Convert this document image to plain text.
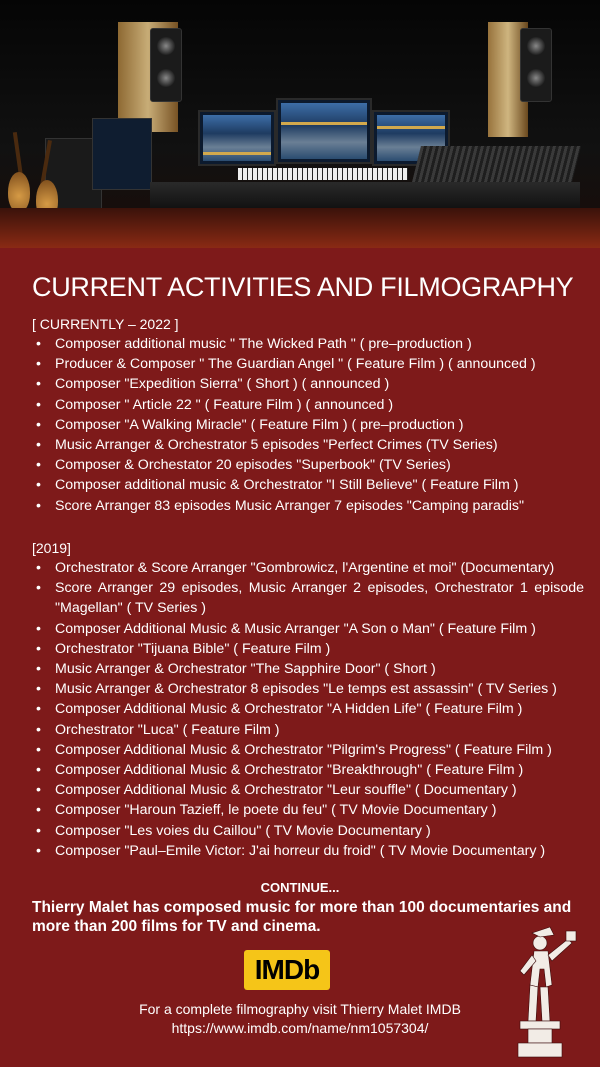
CURRENT ACTIVITIES AND FILMOGRAPHY

[ CURRENTLY – 2022 ]

• Composer additional music " The Wicked Path " ( pre–production )
• Producer & Composer " The Guardian Angel " ( Feature Film ) ( announced )
• Composer "Expedition Sierra" ( Short ) ( announced )
• Composer " Article 22 " ( Feature Film ) ( announced )
• Composer "A Walking Miracle" ( Feature Film ) ( pre–production )
• Music Arranger & Orchestrator 5 episodes "Perfect Crimes (TV Series)
• Composer & Orchestator 20 episodes "Superbook" (TV Series)
• Composer additional music & Orchestrator "I Still Believe" ( Feature Film )
• Score Arranger 83 episodes Music Arranger 7 episodes "Camping paradis"

[2019]

• Orchestrator & Score Arranger "Gombrowicz, l'Argentine et moi" (Documentary)
• Score Arranger 29 episodes, Music Arranger 2 episodes, Orchestrator 1 episode "Magellan" ( TV Series )
• Composer Additional Music & Music Arranger "A Son o Man" ( Feature Film )
• Orchestrator "Tijuana Bible" ( Feature Film )
• Music Arranger & Orchestrator "The Sapphire Door" ( Short )
• Music Arranger & Orchestrator 8 episodes "Le temps est assassin" ( TV Series )
• Composer Additional Music & Orchestrator "A Hidden Life" ( Feature Film )
• Orchestrator "Luca" ( Feature Film )
• Composer Additional Music & Orchestrator "Pilgrim's Progress" ( Feature Film )
• Composer Additional Music & Orchestrator "Breakthrough" ( Feature Film )
• Composer Additional Music & Orchestrator "Leur souffle" ( Documentary )
• Composer "Haroun Tazieff, le poete du feu" ( TV Movie Documentary )
• Composer "Les voies du Caillou" ( TV Movie Documentary )
• Composer "Paul–Emile Victor: J'ai horreur du froid" ( TV Movie Documentary )

CONTINUE...

Thierry Malet has composed music for more than 100 documentaries and more than 200 films for TV and cinema.

IMDb

For a complete filmography visit Thierry Malet IMDB
https://www.imdb.com/name/nm1057304/
